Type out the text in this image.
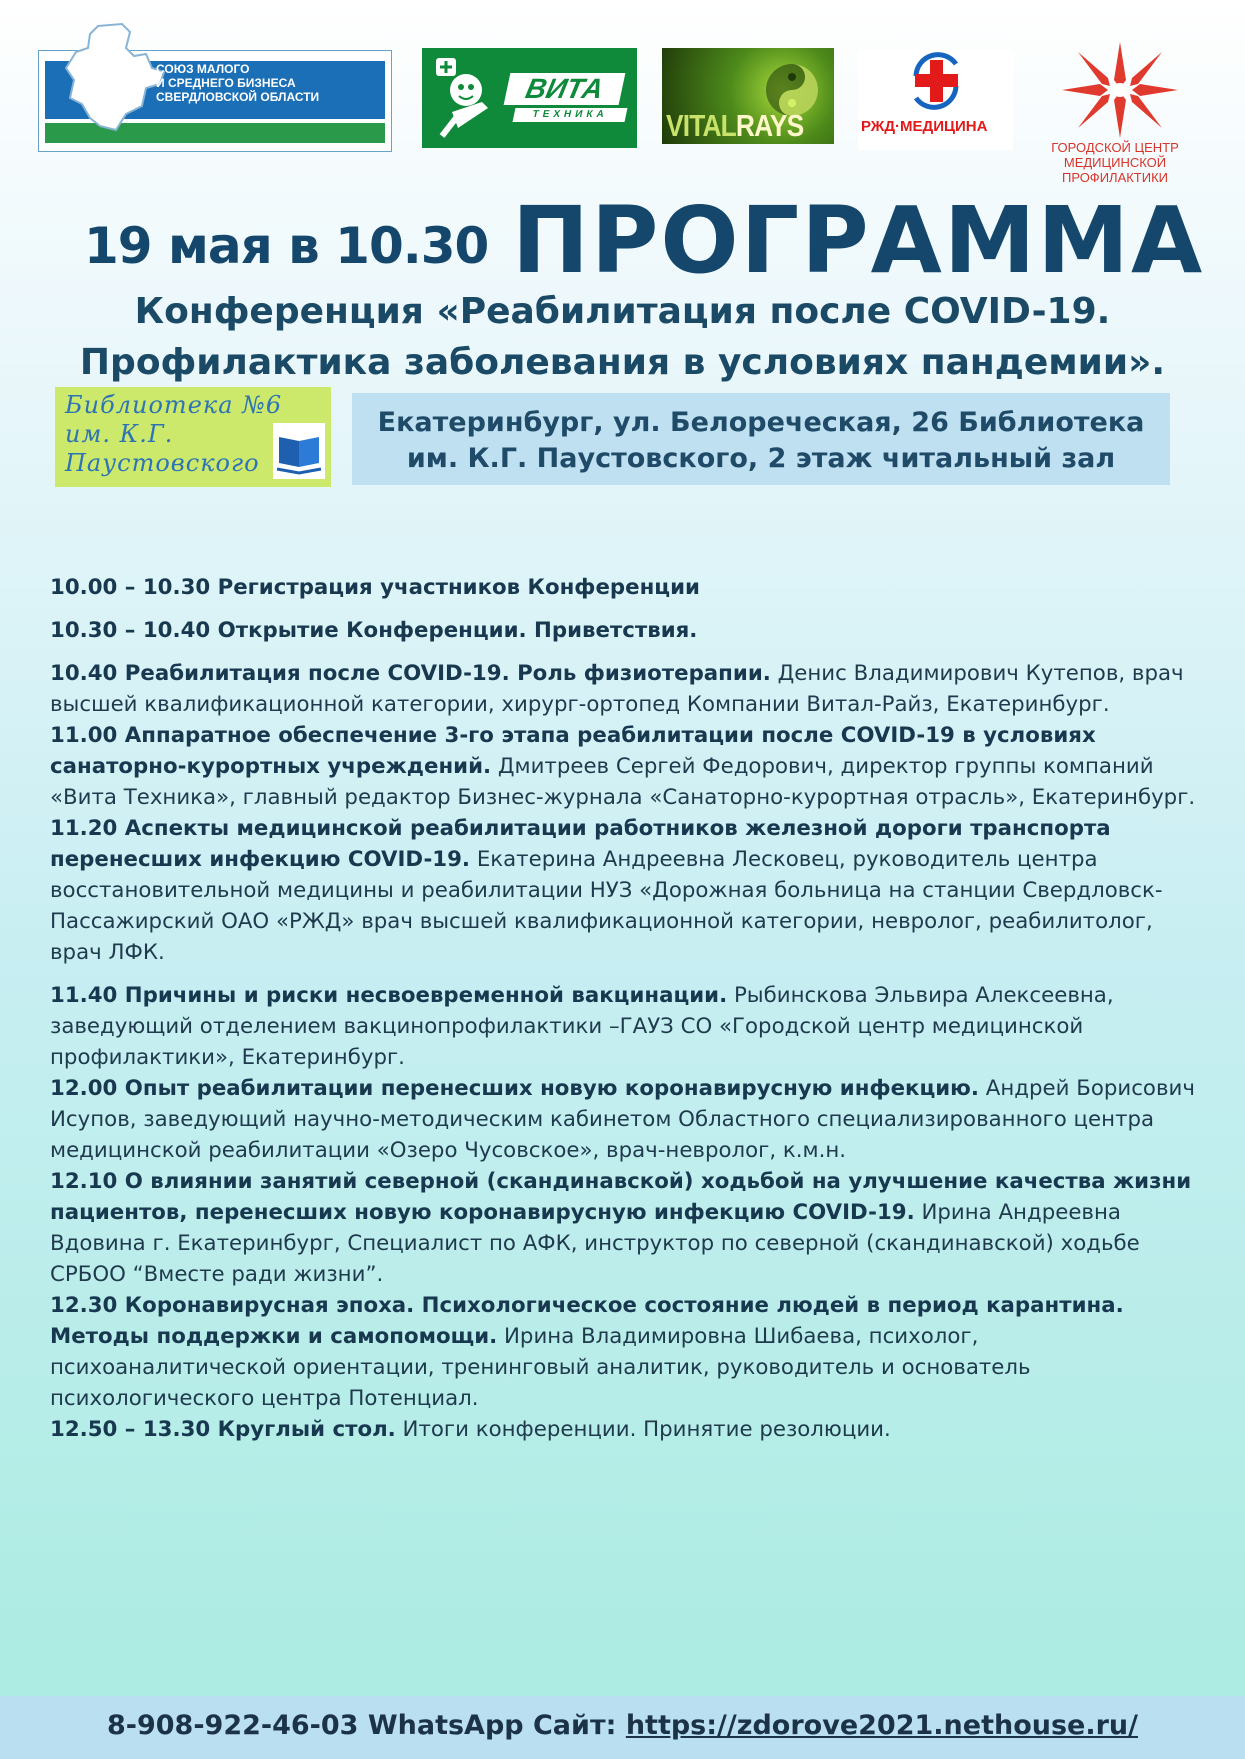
СОЮЗ МАЛОГО
И СРЕДНЕГО БИЗНЕСА
СВЕРДЛОВСКОЙ ОБЛАСТИ	ВИТА
ТЕХНИКА	VITALRAYS	РЖД·МЕДИЦИНА
ГОРОДСКОЙ ЦЕНТР
МЕДИЦИНСКОЙ
ПРОФИЛАКТИКИ
19 мая в 10.30 ПРОГРАММА
Конференция «Реабилитация после COVID-19.
Профилактика заболевания в условиях пандемии».
Библиотека №6
им. К.Г.
Паустовского
Екатеринбург, ул. Белореческая, 26 Библиотека
им. К.Г. Паустовского, 2 этаж читальный зал

10.00 – 10.30 Регистрация участников Конференции

10.30 – 10.40 Открытие Конференции. Приветствия.

10.40 Реабилитация после COVID-19. Роль физиотерапии. Денис Владимирович Кутепов, врач высшей квалификационной категории, хирург-ортопед Компании Витал-Райз, Екатеринбург.

11.00 Аппаратное обеспечение 3-го этапа реабилитации после COVID-19 в условиях санаторно-курортных учреждений. Дмитреев Сергей Федорович, директор группы компаний «Вита Техника», главный редактор Бизнес-журнала «Санаторно-курортная отрасль», Екатеринбург.

11.20 Аспекты медицинской реабилитации работников железной дороги транспорта перенесших инфекцию COVID-19. Екатерина Андреевна Лесковец, руководитель центра восстановительной медицины и реабилитации НУЗ «Дорожная больница на станции Свердловск-Пассажирский ОАО «РЖД» врач высшей квалификационной категории, невролог, реабилитолог, врач ЛФК.

11.40 Причины и риски несвоевременной вакцинации. Рыбинскова Эльвира Алексеевна, заведующий отделением вакцинопрофилактики –ГАУЗ СО «Городской центр медицинской профилактики», Екатеринбург.

12.00 Опыт реабилитации перенесших новую коронавирусную инфекцию. Андрей Борисович Исупов, заведующий научно-методическим кабинетом Областного специализированного центра медицинской реабилитации «Озеро Чусовское», врач-невролог, к.м.н.

12.10 О влиянии занятий северной (скандинавской) ходьбой на улучшение качества жизни пациентов, перенесших новую коронавирусную инфекцию COVID-19. Ирина Андреевна Вдовина г. Екатеринбург, Специалист по АФК, инструктор по северной (скандинавской) ходьбе СРБОО “Вместе ради жизни”.

12.30 Коронавирусная эпоха. Психологическое состояние людей в период карантина. Методы поддержки и самопомощи. Ирина Владимировна Шибаева, психолог, психоаналитической ориентации, тренинговый аналитик, руководитель и основатель психологического центра Потенциал.

12.50 – 13.30 Круглый стол. Итоги конференции. Принятие резолюции.

8-908-922-46-03 WhatsApp Сайт: https://zdorove2021.nethouse.ru/
